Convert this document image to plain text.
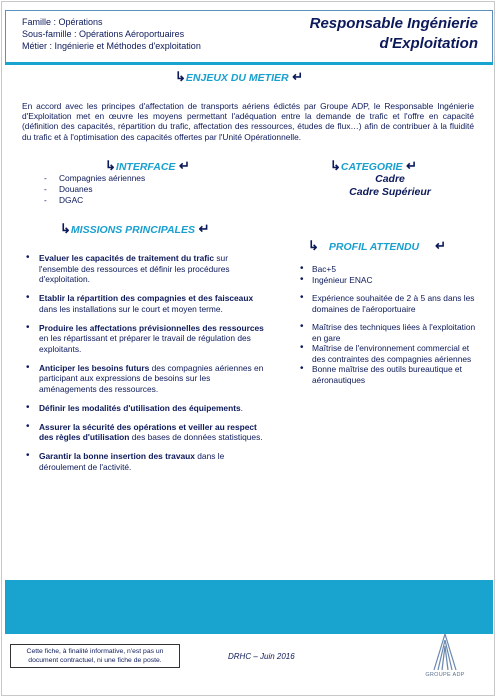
Famille : Opérations
Sous-famille : Opérations Aéroportuaires
Métier : Ingénierie et Méthodes d'exploitation
Responsable Ingénierie
d'Exploitation
↳ENJEUX DU METIER ↵
En accord avec les principes d'affectation de transports aériens édictés par Groupe ADP, le Responsable Ingénierie d'Exploitation met en œuvre les moyens permettant l'adéquation entre la demande de trafic et l'offre en capacité (définition des capacités, répartition du trafic, affectation des ressources, études de flux…) afin de contribuer à la fluidité du trafic et à l'optimisation des capacités offertes par l'Unité Opérationnelle.
↳INTERFACE ↵
- Compagnies aériennes
- Douanes
- DGAC
↳CATEGORIE ↵
Cadre
Cadre Supérieur
↳MISSIONS PRINCIPALES ↵
• Evaluer les capacités de traitement du trafic sur l'ensemble des ressources et définir les procédures d'exploitation.
• Etablir la répartition des compagnies et des faisceaux dans les installations sur le court et moyen terme.
• Produire les affectations prévisionnelles des ressources en les répartissant et préparer le travail de régulation des exploitants.
• Anticiper les besoins futurs des compagnies aériennes en participant aux expressions de besoins sur les aménagements des ressources.
• Définir les modalités d'utilisation des équipements.
• Assurer la sécurité des opérations et veiller au respect des règles d'utilisation des bases de données statistiques.
• Garantir la bonne insertion des travaux dans le déroulement de l'activité.
↳ PROFIL ATTENDU ↵
• Bac+5
• Ingénieur ENAC
• Expérience souhaitée de 2 à 5 ans dans les domaines de l'aéroportuaire
• Maîtrise des techniques liées à l'exploitation en gare
• Maîtrise de l'environnement commercial et des contraintes des compagnies aériennes
• Bonne maîtrise des outils bureautique et aéronautiques
Cette fiche, à finalité informative, n'est pas un document contractuel, ni une fiche de poste.	DRHC – Juin 2016
GROUPE ADP
